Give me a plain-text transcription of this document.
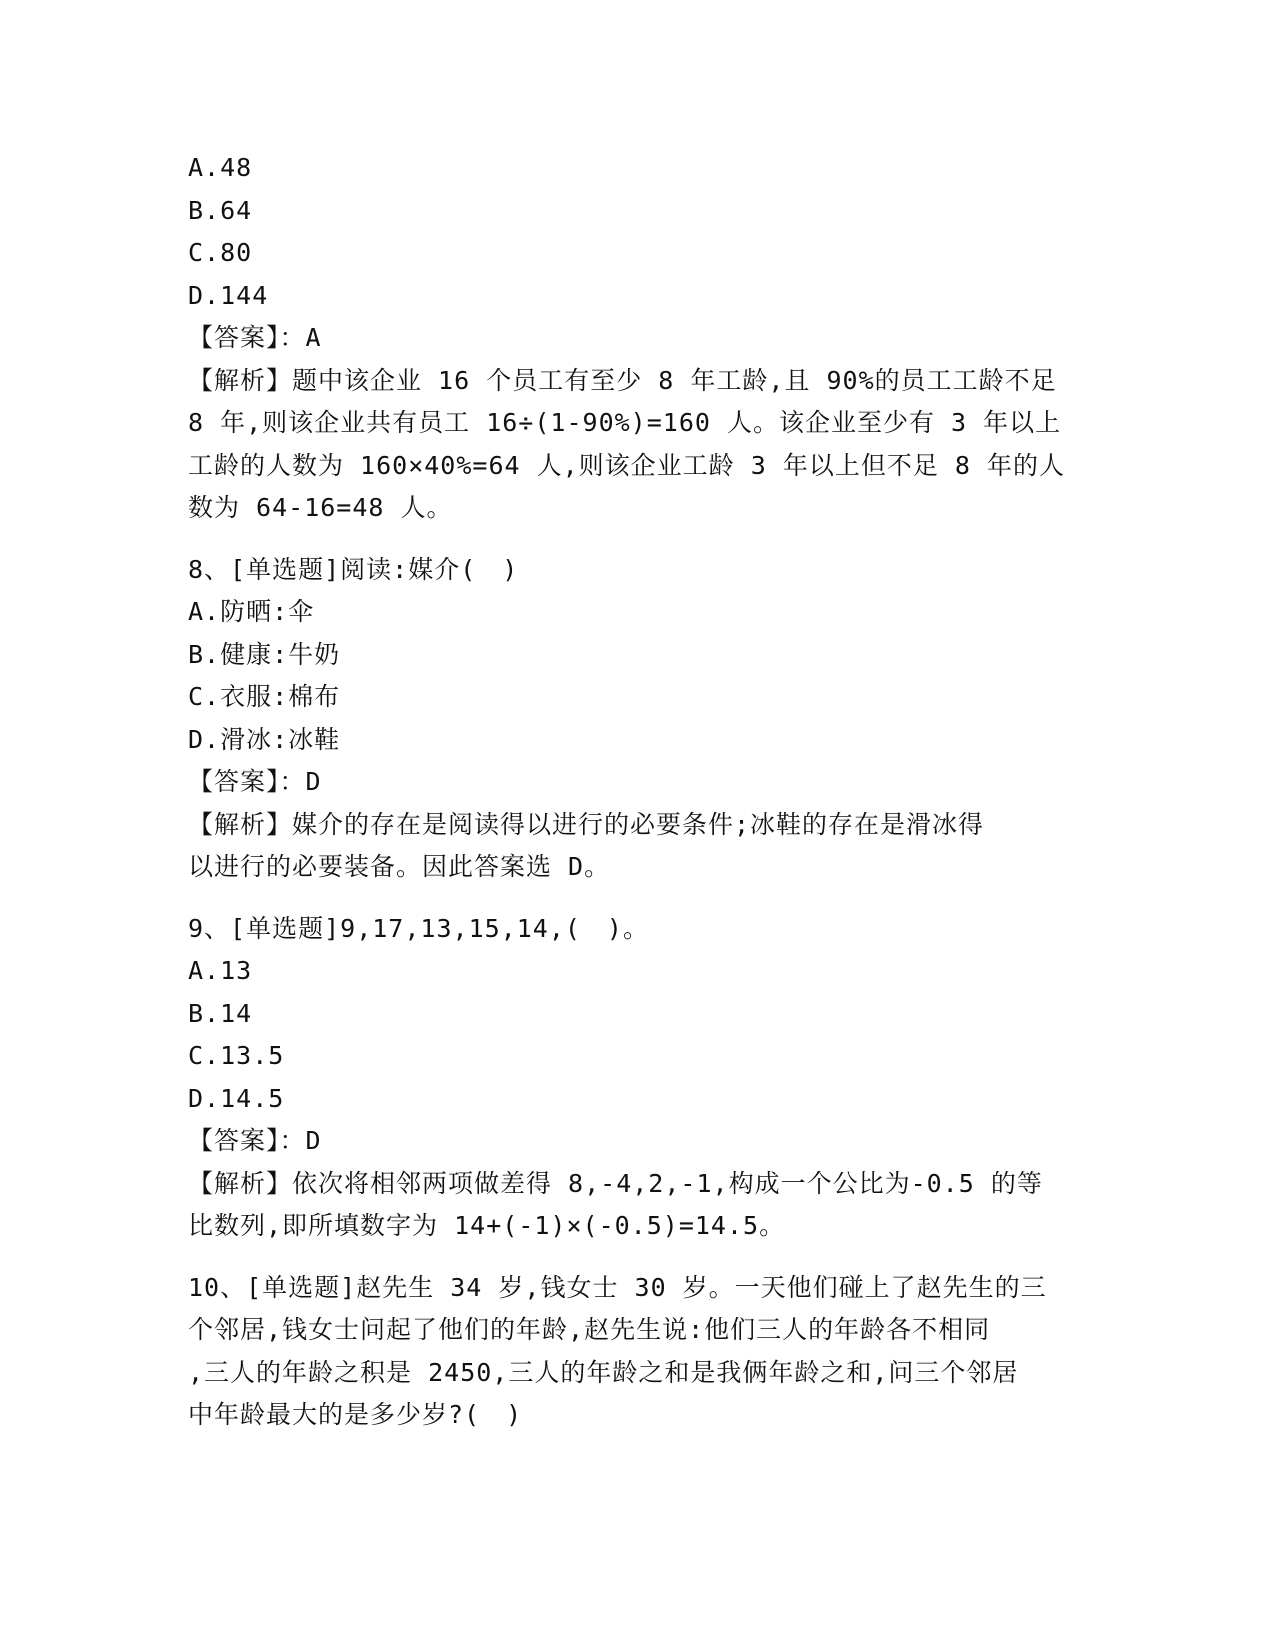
A.48
B.64
C.80
D.144
【答案】：A
【解析】题中该企业 16 个员工有至少 8 年工龄,且 90%的员工工龄不足
8 年,则该企业共有员工 16÷(1-90%)=160 人。该企业至少有 3 年以上
工龄的人数为 160×40%=64 人,则该企业工龄 3 年以上但不足 8 年的人
数为 64-16=48 人。
8、[单选题]阅读:媒介(　)
A.防晒:伞
B.健康:牛奶
C.衣服:棉布
D.滑冰:冰鞋
【答案】：D
【解析】媒介的存在是阅读得以进行的必要条件;冰鞋的存在是滑冰得
以进行的必要装备。因此答案选 D。
9、[单选题]9,17,13,15,14,(　)。
A.13
B.14
C.13.5
D.14.5
【答案】：D
【解析】依次将相邻两项做差得 8,-4,2,-1,构成一个公比为-0.5 的等
比数列,即所填数字为 14+(-1)×(-0.5)=14.5。
10、[单选题]赵先生 34 岁,钱女士 30 岁。一天他们碰上了赵先生的三
个邻居,钱女士问起了他们的年龄,赵先生说:他们三人的年龄各不相同
,三人的年龄之积是 2450,三人的年龄之和是我俩年龄之和,问三个邻居
中年龄最大的是多少岁?(　)
